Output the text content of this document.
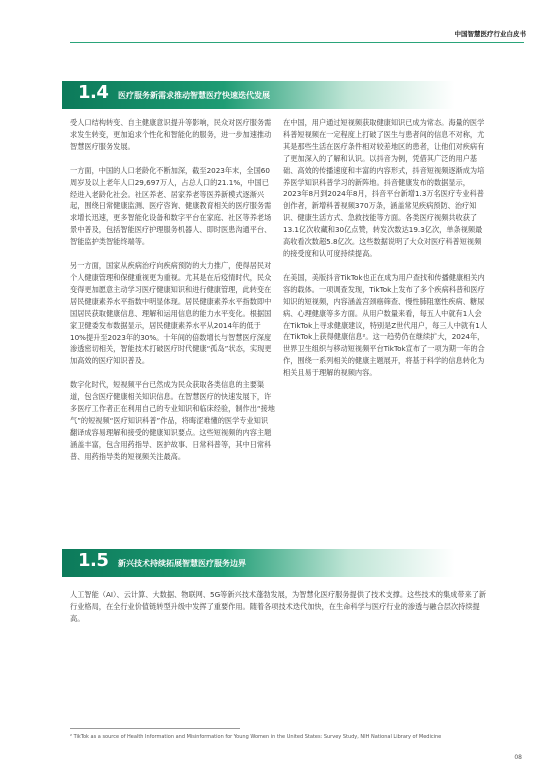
中国智慧医疗行业白皮书
1.4 医疗服务新需求推动智慧医疗快速迭代发展

受人口结构转变、自主健康意识提升等影响，民众对医疗服务需求发生转变，更加追求个性化和智能化的服务，进一步加速推动智慧医疗服务发展。

一方面，中国的人口老龄化不断加深，截至2023年末，全国60周岁及以上老年人口29,697万人，占总人口的21.1%，中国已经进入老龄化社会。社区养老、居家养老等医养新模式逐渐兴起，围绕日常健康监测、医疗咨询、健康教育相关的医疗服务需求增长迅速，更多智能化设备和数字平台在家庭、社区等养老场景中普及，包括智能医疗护理服务机器人、即时医患沟通平台、智能监护类智能终端等。

另一方面，国家从疾病治疗向疾病预防的大力推广，使得居民对个人健康管理和保健重视更为重视。尤其是在后疫情时代，民众变得更加愿意主动学习医疗健康知识和进行健康管理，此转变在居民健康素养水平指数中明显体现。居民健康素养水平指数即中国居民获取健康信息、理解和运用信息的能力水平变化。根据国家卫健委发布数据显示，居民健康素养水平从2014年的低于10%提升至2023年的30%。十年间的倍数增长与智慧医疗深度渗透密切相关，智能技术打破医疗时代健康“孤岛”状态，实现更加高效的医疗知识普及。

数字化时代，短视频平台已然成为民众获取各类信息的主要渠道，包含医疗健康相关知识信息。在智慧医疗的快速发展下，许多医疗工作者正在利用自己的专业知识和临床经验，制作出“接地气”的短视频“医疗知识科普”作品，将晦涩难懂的医学专业知识翻译成容易理解和接受的健康知识要点。这些短视频的内容主题涵盖丰富，包含用药指导、医护故事、日常科普等，其中日常科普、用药指导类的短视频关注最高。

在中国，用户通过短视频获取健康知识已成为常态。海量的医学科普短视频在一定程度上打破了医生与患者间的信息不对称，尤其是那些生活在医疗条件相对较差地区的患者，让他们对疾病有了更加深入的了解和认识。以抖音为例，凭借其广泛的用户基础、高效的传播速度和丰富的内容形式，抖音短视频逐渐成为培养医学知识科普学习的新阵地。抖音健康发布的数据显示，2023年8月到2024年8月，抖音平台新增1.3万名医疗专业科普创作者，新增科普视频370万条，涵盖常见疾病预防、治疗知识、健康生活方式、急救技能等方面。各类医疗视频共收获了13.1亿次收藏和30亿点赞，转发次数达19.3亿次，单条视频最高收看次数超5.8亿次。这些数据说明了大众对医疗科普短视频的接受度和认可度持续提高。

在美国，美版抖音TikTok也正在成为用户查找和传播健康相关内容的载体。一项调查发现，TikTok上发布了多个疾病科普和医疗知识的短视频，内容涵盖宫颈癌筛查、慢性肺阻塞性疾病、糖尿病、心理健康等多方面。从用户数量来看，每五人中就有1人会在TikTok上寻求健康建议，特别是Z世代用户，每三人中就有1人在TikTok上获得健康信息²。这一趋势仍在继续扩大，2024年，世界卫生组织与移动短视频平台TikTok宣布了一项为期一年的合作，围绕一系列相关的健康主题展开，将基于科学的信息转化为相关且易于理解的视频内容。

1.5 新兴技术持续拓展智慧医疗服务边界

人工智能（AI）、云计算、大数据、物联网、5G等新兴技术蓬勃发展，为智慧化医疗服务提供了技术支撑。这些技术的集成带来了新行业格局，在全行业价值链转型升级中发挥了重要作用。随着各项技术迭代加快，在生命科学与医疗行业的渗透与融合层次持续提高。

² TikTok as a source of Health Information and Misinformation for Young Women in the United States: Survey Study, NIH National Library of Medicine
08
